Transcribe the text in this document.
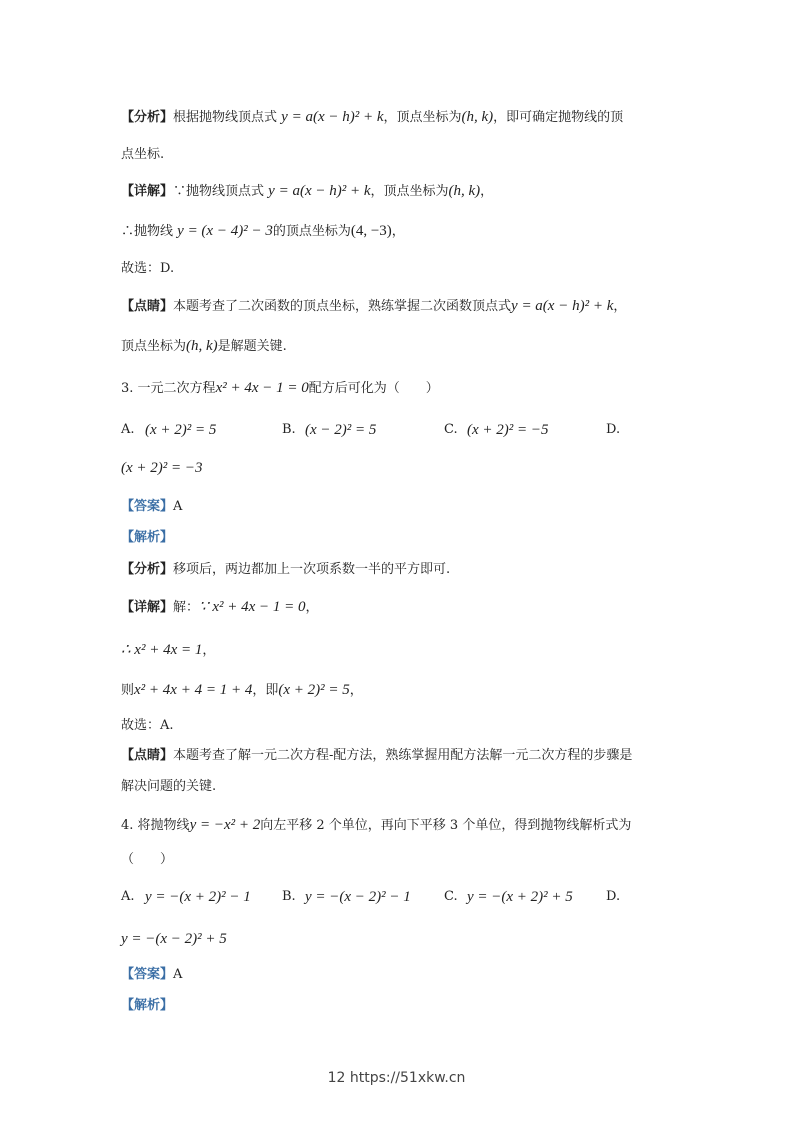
【分析】根据抛物线顶点式 y = a(x − h)² + k，顶点坐标为(h, k)，即可确定抛物线的顶
点坐标.
【详解】∵抛物线顶点式 y = a(x − h)² + k，顶点坐标为(h, k)，
∴抛物线 y = (x − 4)² − 3的顶点坐标为(4, −3)，
故选：D.
【点睛】本题考查了二次函数的顶点坐标，熟练掌握二次函数顶点式y = a(x − h)² + k，
顶点坐标为(h, k)是解题关键.
3. 一元二次方程x² + 4x − 1 = 0配方后可化为（　　）
A. (x + 2)² = 5	B. (x − 2)² = 5	C. (x + 2)² = −5	D.
(x + 2)² = −3
【答案】A
【解析】
【分析】移项后，两边都加上一次项系数一半的平方即可.
【详解】解：∵ x² + 4x − 1 = 0，
∴ x² + 4x = 1，
则x² + 4x + 4 = 1 + 4，即(x + 2)² = 5，
故选：A.
【点睛】本题考查了解一元二次方程-配方法，熟练掌握用配方法解一元二次方程的步骤是
解决问题的关键.
4. 将抛物线y = −x² + 2向左平移 2 个单位，再向下平移 3 个单位，得到抛物线解析式为
（　　）
A. y = −(x + 2)² − 1 B. y = −(x − 2)² − 1	C. y = −(x + 2)² + 5	D.
y = −(x − 2)² + 5
【答案】A
【解析】
12 https://51xkw.cn
